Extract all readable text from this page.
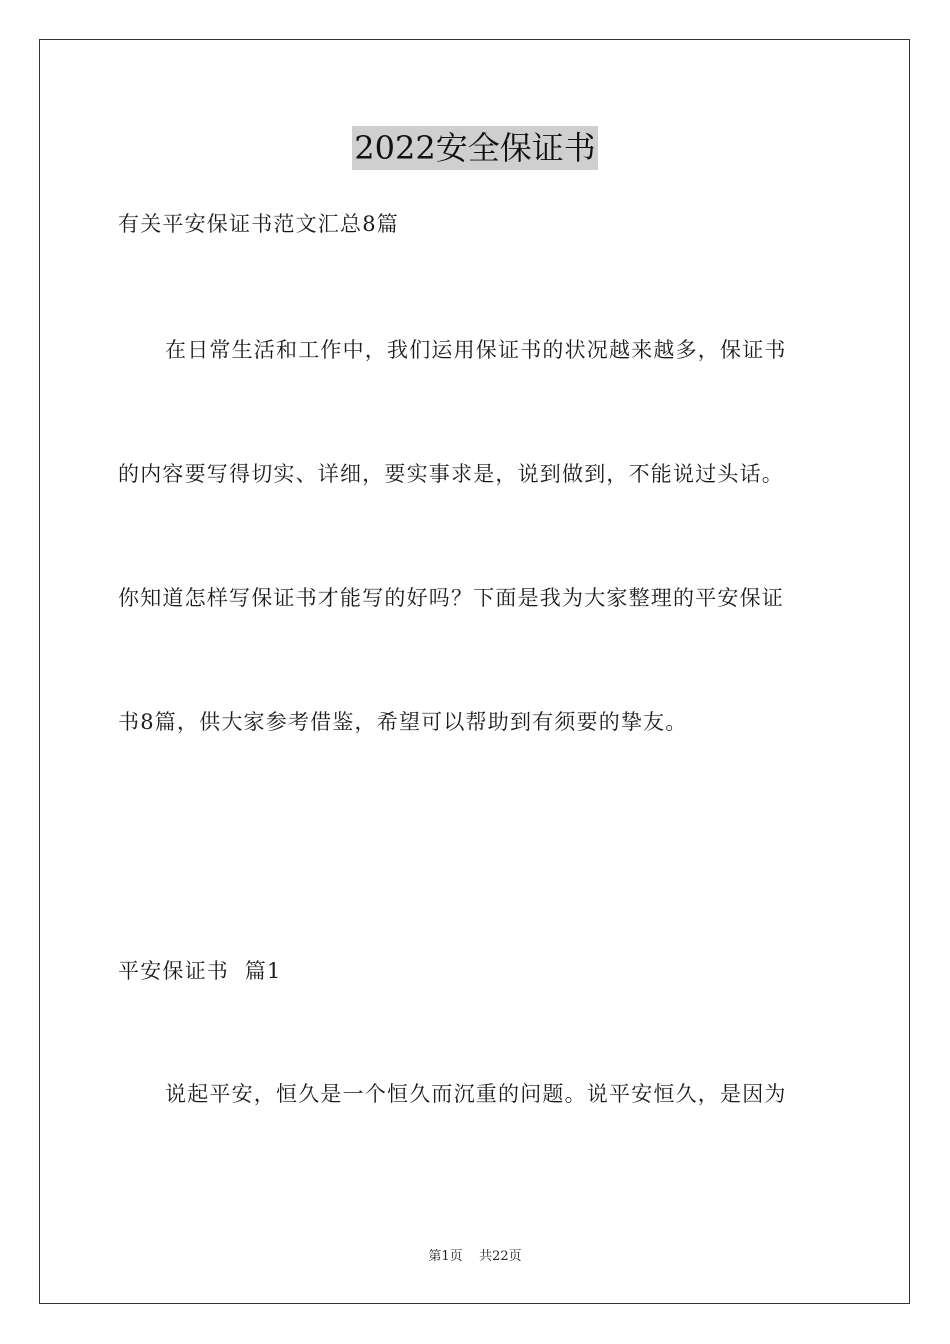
2022安全保证书
有关平安保证书范文汇总8篇
在日常生活和工作中，我们运用保证书的状况越来越多，保证书
的内容要写得切实、详细，要实事求是，说到做到，不能说过头话。
你知道怎样写保证书才能写的好吗？下面是我为大家整理的平安保证
书8篇，供大家参考借鉴，希望可以帮助到有须要的挚友。
平安保证书  篇1
说起平安，恒久是一个恒久而沉重的问题。说平安恒久，是因为
第1页 共22页
